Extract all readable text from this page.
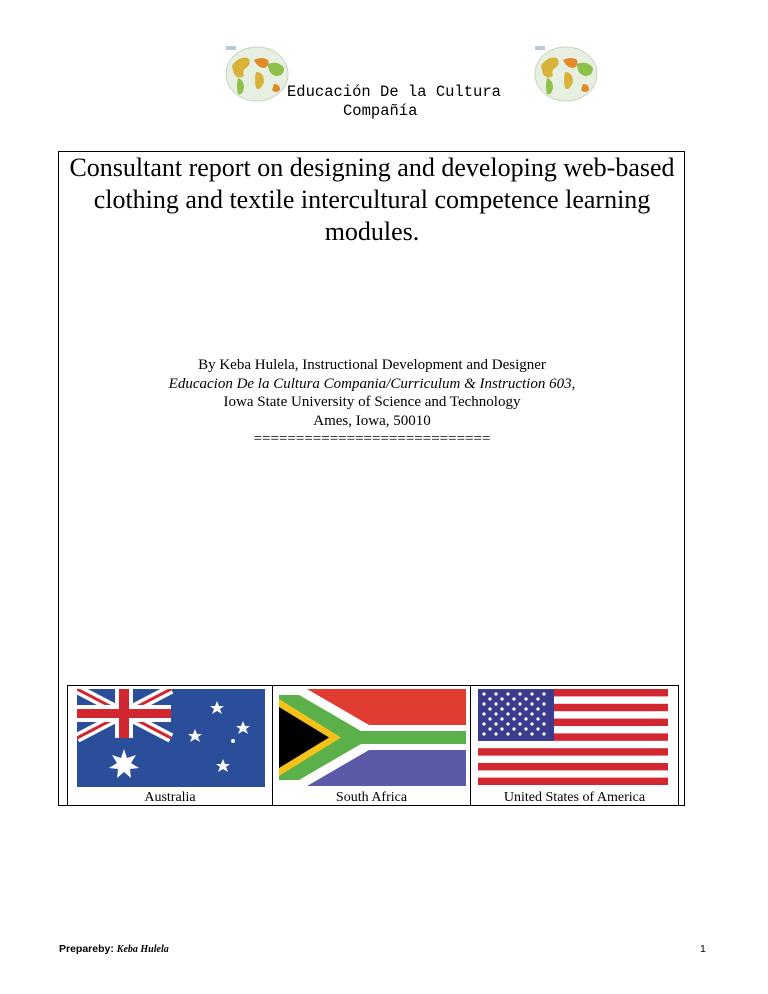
Educación De la Cultura
Compañía
Consultant report on designing and developing web-based clothing and textile intercultural competence learning modules.
By Keba Hulela, Instructional Development and Designer
Educacion De la Cultura Compania/Curriculum & Instruction 603,
Iowa State University of Science and Technology
Ames, Iowa, 50010
============================
Australia	South Africa	United States of America
Prepareby: Keba Hulela	1
